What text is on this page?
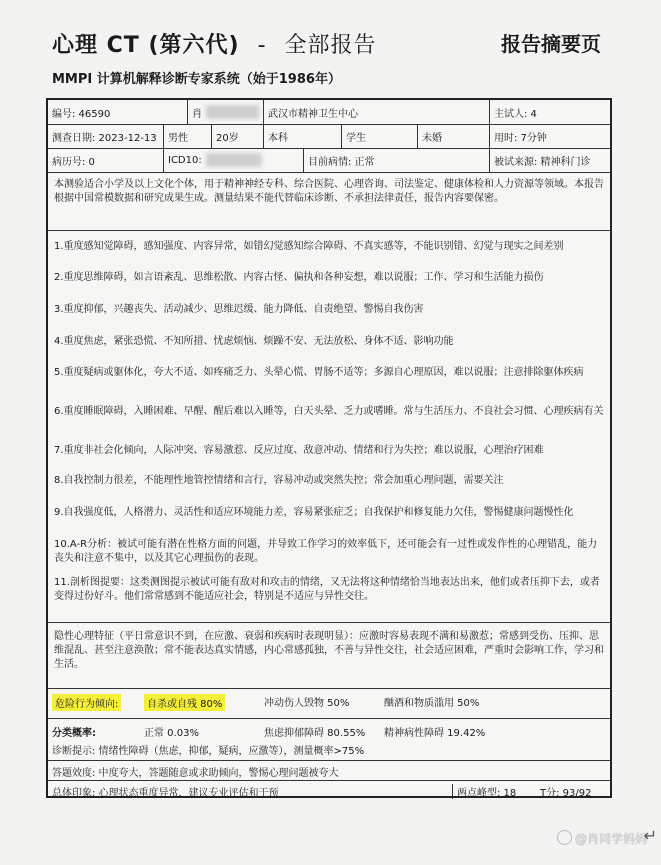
心理 CT (第六代) - 全部报告	报告摘要页
MMPI 计算机解释诊断专家系统（始于1986年）
编号: 46590	肖	武汉市精神卫生中心	主试人: 4
测查日期: 2023-12-13	男性	20岁	本科	学生	未婚	用时: 7分钟
病历号: 0	ICD10:	目前病情: 正常	被试来源: 精神科门诊
本测验适合小学及以上文化个体，用于精神神经专科、综合医院、心理咨询、司法鉴定、健康体检和人力资源等领域。本报告根据中国常模数据和研究成果生成。测量结果不能代替临床诊断、不承担法律责任，报告内容要保密。
1.重度感知觉障碍，感知强度、内容异常，如错幻觉感知综合障碍、不真实感等，不能识别错、幻觉与现实之间差别
2.重度思维障碍，如言语紊乱、思维松散、内容古怪、偏执和各种妄想，难以说服；工作、学习和生活能力损伤
3.重度抑郁，兴趣丧失、活动减少、思维迟缓、能力降低、自责绝望、警惕自我伤害
4.重度焦虑，紧张恐慌、不知所措、忧虑烦恼、烦躁不安、无法放松、身体不适、影响功能
5.重度疑病或躯体化，夸大不适、如疼痛乏力、头晕心慌、胃肠不适等；多源自心理原因，难以说服；注意排除躯体疾病
6.重度睡眠障碍，入睡困难、早醒、醒后难以入睡等，白天头晕、乏力或嗜睡。常与生活压力、不良社会习惯、心理疾病有关
7.重度非社会化倾向，人际冲突、容易激惹、反应过度、敌意冲动、情绪和行为失控；难以说服，心理治疗困难
8.自我控制力很差，不能理性地管控情绪和言行，容易冲动或突然失控；常会加重心理问题，需要关注
9.自我强度低，人格潜力、灵活性和适应环境能力差，容易紧张症乏；自我保护和修复能力欠佳，警惕健康问题慢性化
10.A-R分析：被试可能有潜在性格方面的问题，并导致工作学习的效率低下，还可能会有一过性或发作性的心理错乱，能力丧失和注意不集中，以及其它心理损伤的表现。
11.剖析图提要：这类测图提示被试可能有敌对和攻击的情绪，又无法将这种情绪恰当地表达出来，他们或者压抑下去，或者变得过份好斗。他们常常感到不能适应社会，特别是不适应与异性交往。
隐性心理特征（平日常意识不到，在应激、衰弱和疾病时表现明显）：应激时容易表现不满和易激惹；常感到受伤、压抑、思维混乱、甚至注意涣散；常不能表达真实情感，内心常感孤独，不善与异性交往，社会适应困难，严重时会影响工作，学习和生活。
危险行为倾向:	自杀或自残 80%	冲动伤人毁物 50%	酗酒和物质滥用 50%
分类概率:	正常 0.03%	焦虑抑郁障碍 80.55% 精神病性障碍 19.42%
诊断提示: 情绪性障碍（焦虑，抑郁，疑病，应激等），测量概率>75%
答题效度: 中度夸大，答题随意或求助倾向，警惕心理问题被夸大
总体印象: 心理状态重度异常，建议专业评估和干预	两点峰型: 18 T分: 93/92
@肖同学妈妈
↵
